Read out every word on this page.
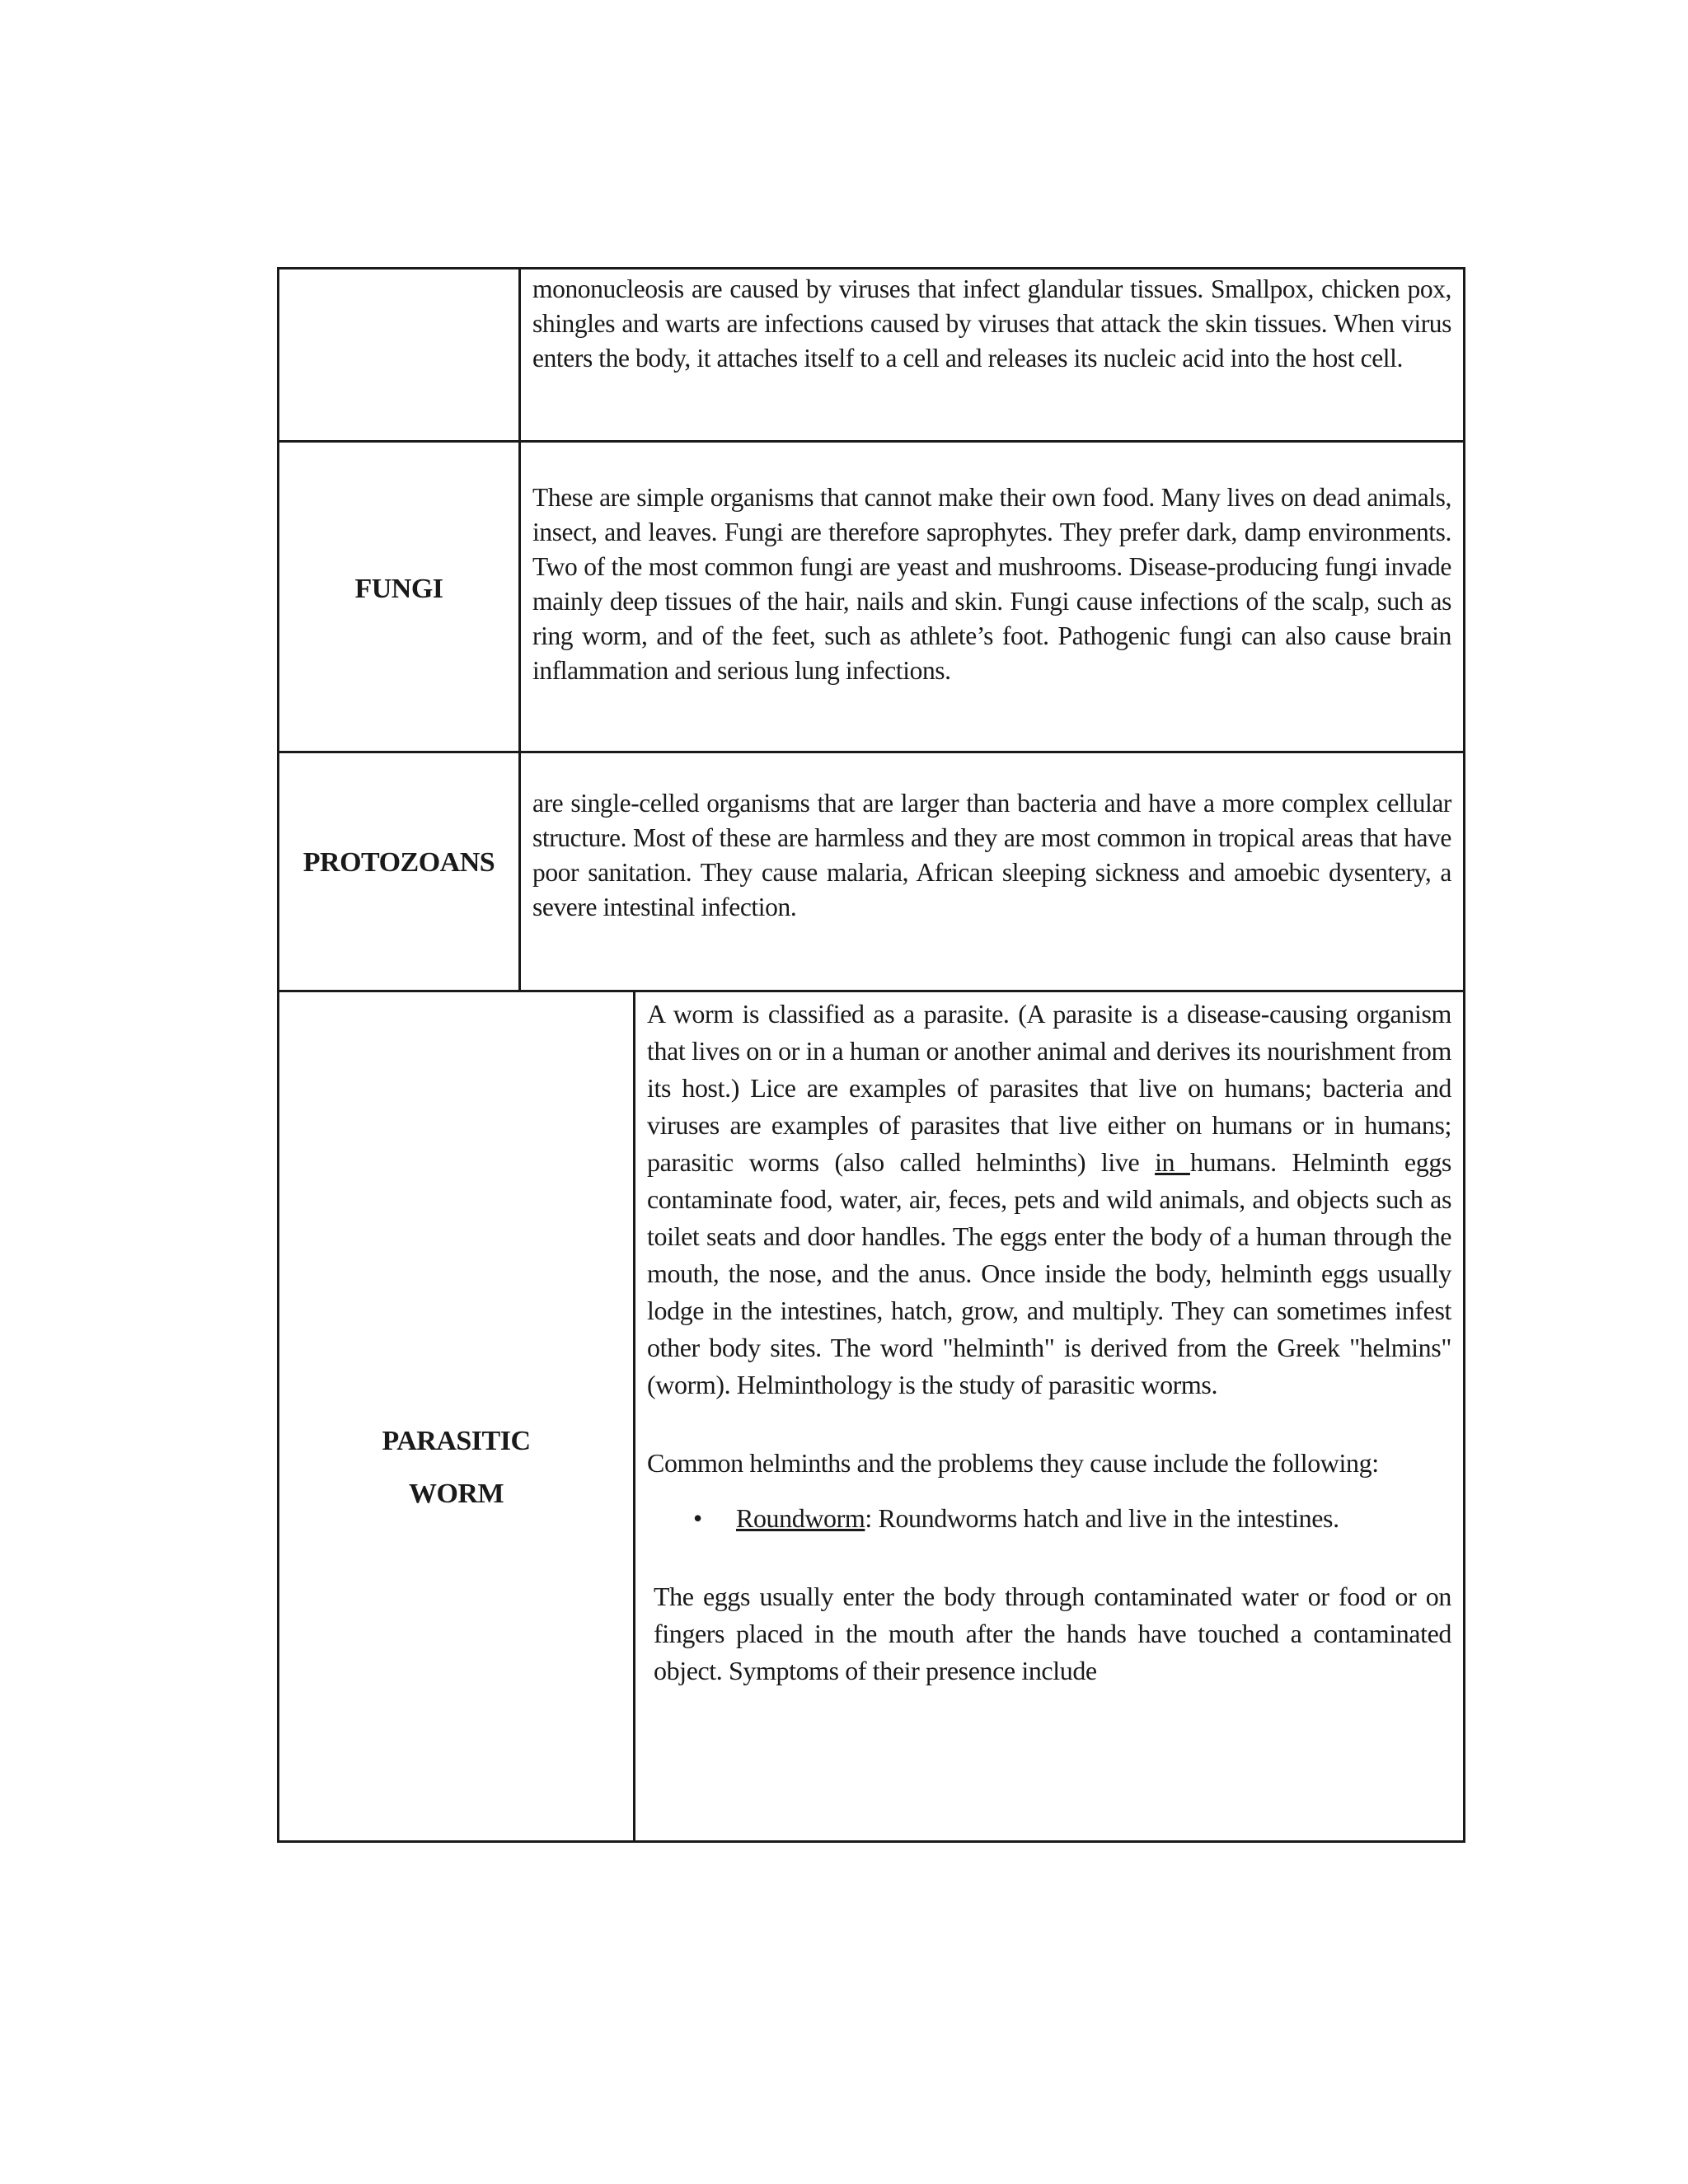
mononucleosis are caused by viruses that infect glandular tissues. Smallpox, chicken pox, shingles and warts are infections caused by viruses that attack the skin tissues. When virus enters the body, it attaches itself to a cell and releases its nucleic acid into the host cell.

FUNGI

These are simple organisms that cannot make their own food. Many lives on dead animals, insect, and leaves. Fungi are therefore saprophytes. They prefer dark, damp environments. Two of the most common fungi are yeast and mushrooms. Disease-producing fungi invade mainly deep tissues of the hair, nails and skin. Fungi cause infections of the scalp, such as ring worm, and of the feet, such as athlete’s foot. Pathogenic fungi can also cause brain inflammation and serious lung infections.

PROTOZOANS

are single-celled organisms that are larger than bacteria and have a more complex cellular structure. Most of these are harmless and they are most common in tropical areas that have poor sanitation. They cause malaria, African sleeping sickness and amoebic dysentery, a severe intestinal infection.

PARASITIC
WORM

A worm is classified as a parasite. (A parasite is a disease-causing organism that lives on or in a human or another animal and derives its nourishment from its host.) Lice are examples of parasites that live on humans; bacteria and viruses are examples of parasites that live either on humans or in humans; parasitic worms (also called helminths) live in humans. Helminth eggs contaminate food, water, air, feces, pets and wild animals, and objects such as toilet seats and door handles. The eggs enter the body of a human through the mouth, the nose, and the anus. Once inside the body, helminth eggs usually lodge in the intestines, hatch, grow, and multiply. They can sometimes infest other body sites. The word "helminth" is derived from the Greek "helmins" (worm). Helminthology is the study of parasitic worms.

Common helminths and the problems they cause include the following:

• Roundworm: Roundworms hatch and live in the intestines.

The eggs usually enter the body through contaminated water or food or on fingers placed in the mouth after the hands have touched a contaminated object. Symptoms of their presence include
